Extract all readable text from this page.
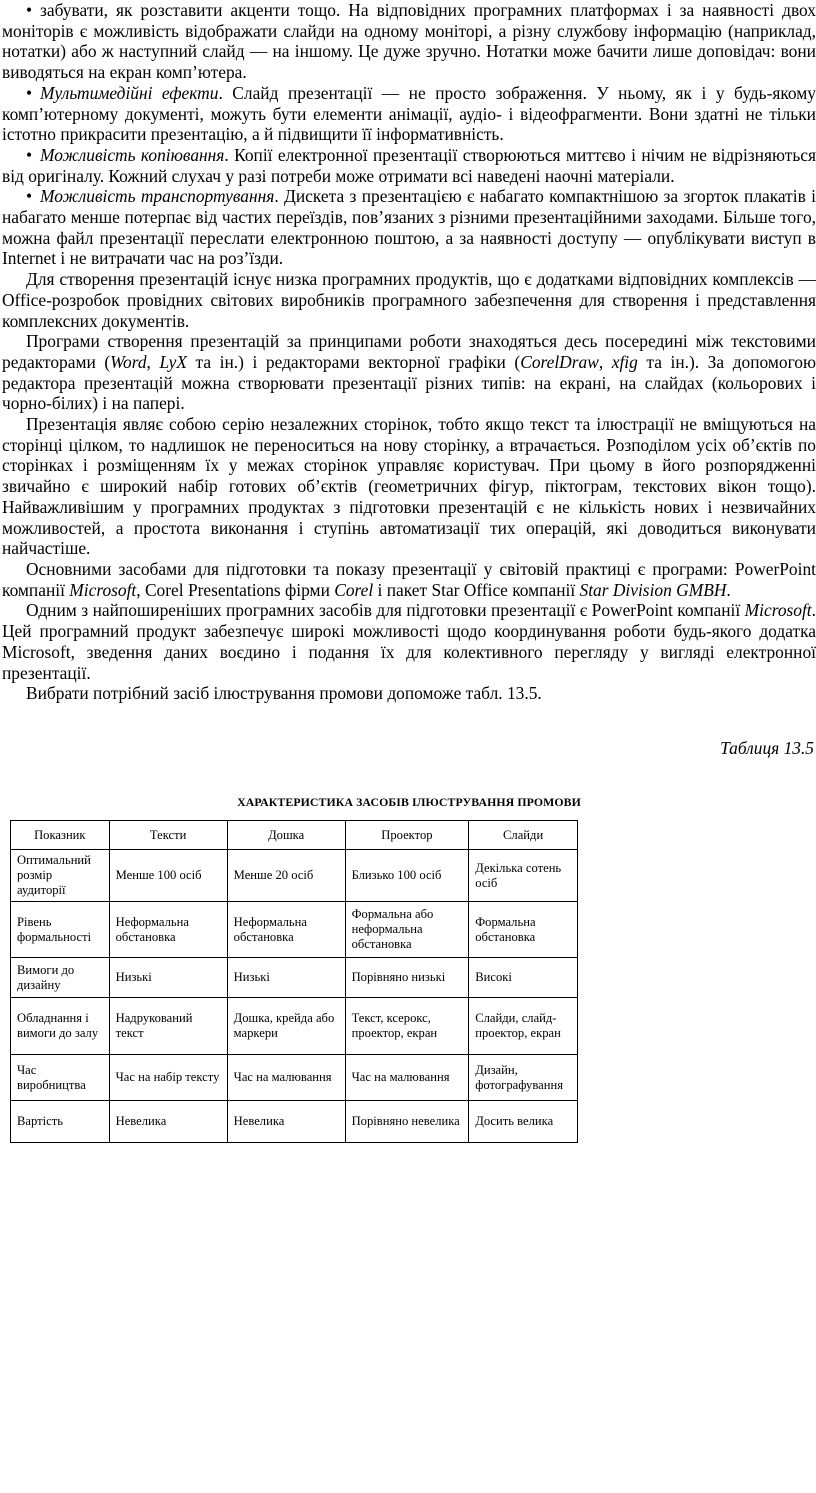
• забувати, як розставити акценти тощо. На відповідних програмних платформах і за наявності двох моніторів є можливість відображати слайди на одному моніторі, а різну службову інформацію (наприклад, нотатки) або ж наступний слайд — на іншому. Це дуже зручно. Нотатки може бачити лише доповідач: вони виводяться на екран комп’ютера.

• Мультимедійні ефекти. Слайд презентації — не просто зображення. У ньому, як і у будь-якому комп’ютерному документі, можуть бути елементи анімації, аудіо- і відеофрагменти. Вони здатні не тільки істотно прикрасити презентацію, а й підвищити її інформативність.

• Можливість копіювання. Копії електронної презентації створюються миттєво і нічим не відрізняються від оригіналу. Кожний слухач у разі потреби може отримати всі наведені наочні матеріали.

• Можливість транспортування. Дискета з презентацією є набагато компактнішою за згорток плакатів і набагато менше потерпає від частих переїздів, пов’язаних з різними презентаційними заходами. Більше того, можна файл презентації переслати електронною поштою, а за наявності доступу — опублікувати виступ в Internet і не витрачати час на роз’їзди.

Для створення презентацій існує низка програмних продуктів, що є додатками відповідних комплексів — Office-розробок провідних світових виробників програмного забезпечення для створення і представлення комплексних документів.

Програми створення презентацій за принципами роботи знаходяться десь посередині між текстовими редакторами (Word, LyX та ін.) і редакторами векторної графіки (CorelDraw, xfig та ін.). За допомогою редактора презентацій можна створювати презентації різних типів: на екрані, на слайдах (кольорових і чорно-білих) і на папері.

Презентація являє собою серію незалежних сторінок, тобто якщо текст та ілюстрації не вміщуються на сторінці цілком, то надлишок не переноситься на нову сторінку, а втрачається. Розподілом усіх об’єктів по сторінках і розміщенням їх у межах сторінок управляє користувач. При цьому в його розпорядженні звичайно є широкий набір готових об’єктів (геометричних фігур, піктограм, текстових вікон тощо). Найважливішим у програмних продуктах з підготовки презентацій є не кількість нових і незвичайних можливостей, а простота виконання і ступінь автоматизації тих операцій, які доводиться виконувати найчастіше.

Основними засобами для підготовки та показу презентації у світовій практиці є програми: PowerPoint компанії Microsoft, Corel Presentations фірми Corel і пакет Star Office компанії Star Division GMBH.

Одним з найпоширеніших програмних засобів для підготовки презентації є PowerPoint компанії Microsoft. Цей програмний продукт забезпечує широкі можливості щодо координування роботи будь-якого додатка Microsoft, зведення даних воєдино і подання їх для колективного перегляду у вигляді електронної презентації.

Вибрати потрібний засіб ілюстрування промови допоможе табл. 13.5.

Таблиця 13.5

ХАРАКТЕРИСТИКА ЗАСОБІВ ІЛЮСТРУВАННЯ ПРОМОВИ
Показник	Тексти	Дошка	Проектор	Слайди
Оптимальний розмір аудиторії	Менше 100 осіб	Менше 20 осіб	Близько 100 осіб	Декілька сотень осіб
Рівень формальності	Неформальна обстановка	Неформальна обстановка	Формальна або неформальна обстановка	Формальна обстановка
Вимоги до дизайну	Низькі	Низькі	Порівняно низькі	Високі
Обладнання і вимоги до залу	Надрукований текст	Дошка, крейда або маркери	Текст, ксерокс, проектор, екран	Слайди, слайд-проектор, екран
Час виробництва	Час на набір тексту	Час на малювання	Час на малювання	Дизайн, фотографування
Вартість	Невелика	Невелика	Порівняно невелика	Досить велика
